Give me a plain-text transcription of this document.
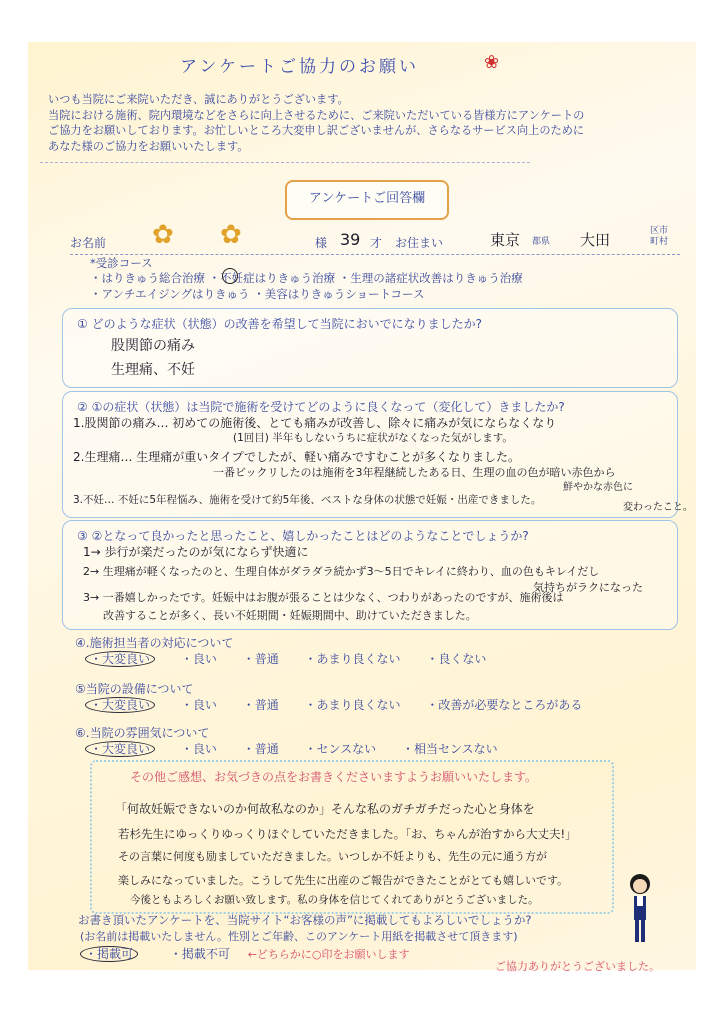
アンケートご協力のお願い	❀
いつも当院にご来院いただき、誠にありがとうございます。
当院における施術、院内環境などをさらに向上させるために、ご来院いただいている皆様方にアンケートの
ご協力をお願いしております。お忙しいところ大変申し訳ございませんが、さらなるサービス向上のために
あなた様のご協力をお願いいたします。
アンケートご回答欄
お名前 ✿ ✿	様 39 才 お住まい	東京 都県 大田	区市町村
*受診コース
・はりきゅう総合治療 ・不妊症はりきゅう治療 ・生理の諸症状改善はりきゅう治療
・アンチエイジングはりきゅう ・美容はりきゅうショートコース
① どのような症状（状態）の改善を希望して当院においでになりましたか?
股関節の痛み
生理痛、不妊
② ①の症状（状態）は当院で施術を受けてどのように良くなって（変化して）きましたか?
1.股関節の痛み… 初めての施術後、とても痛みが改善し、除々に痛みが気にならなくなり
(1回目) 半年もしないうちに症状がなくなった気がします。
2.生理痛… 生理痛が重いタイプでしたが、軽い痛みですむことが多くなりました。
一番ビックリしたのは施術を3年程継続したある日、生理の血の色が暗い赤色から
鮮やかな赤色に
3.不妊… 不妊に5年程悩み、施術を受けて約5年後、ベストな身体の状態で妊娠・出産できました。
変わったこと。
③ ②となって良かったと思ったこと、嬉しかったことはどのようなことでしょうか?
1→ 歩行が楽だったのが気にならず快適に
2→ 生理痛が軽くなったのと、生理自体がダラダラ続かず3〜5日でキレイに終わり、血の色もキレイだし
気持ちがラクになった
3→ 一番嬉しかったです。妊娠中はお腹が張ることは少なく、つわりがあったのですが、施術後は
改善することが多く、長い不妊期間・妊娠期間中、助けていただきました。
④.施術担当者の対応について
・大変良い	・良い ・普通 ・あまり良くない ・良くない
⑤当院の設備について
・大変良い	・良い ・普通 ・あまり良くない ・改善が必要なところがある
⑥.当院の雰囲気について
・大変良い	・良い ・普通 ・センスない ・相当センスない
その他ご感想、お気づきの点をお書きくださいますようお願いいたします。
「何故妊娠できないのか何故私なのか」そんな私のガチガチだった心と身体を
若杉先生にゆっくりゆっくりほぐしていただきました。「お、ちゃんが治すから大丈夫!」
その言葉に何度も励ましていただきました。いつしか不妊よりも、先生の元に通う方が
楽しみになっていました。こうして先生に出産のご報告ができたことがとても嬉しいです。
今後ともよろしくお願い致します。私の身体を信じてくれてありがとうございました。
お書き頂いたアンケートを、当院サイト“お客様の声”に掲載してもよろしいでしょうか?
(お名前は掲載いたしません。性別とご年齢、このアンケート用紙を掲載させて頂きます)
・掲載可	・掲載不可 ←どちらかに○印をお願いします
ご協力ありがとうございました。
